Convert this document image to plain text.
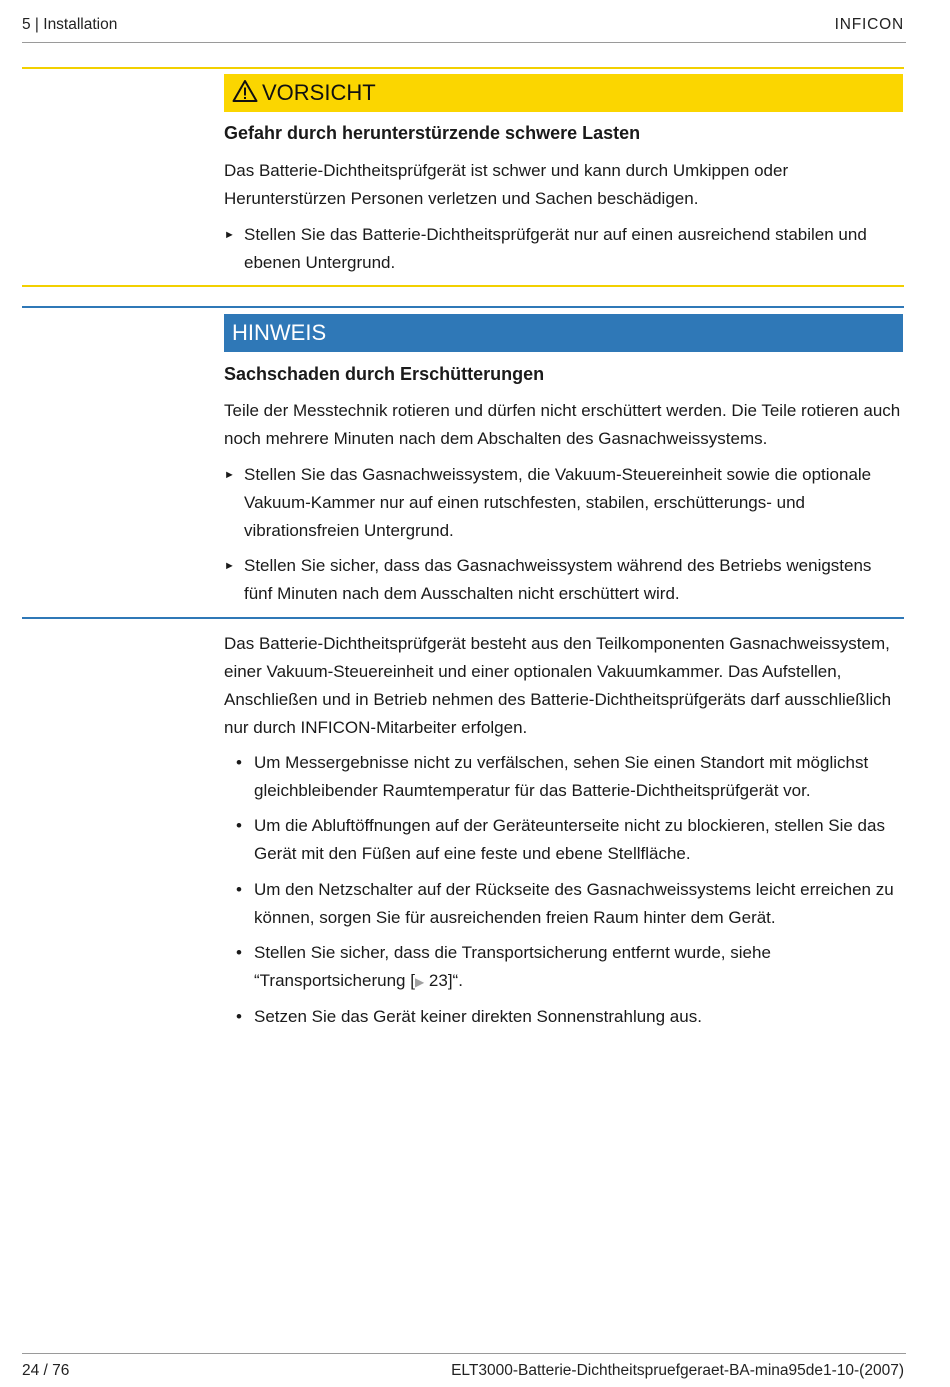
5 | Installation	INFICON
VORSICHT
Gefahr durch herunterstürzende schwere Lasten
Das Batterie-Dichtheitsprüfgerät ist schwer und kann durch Umkippen oder Herunterstürzen Personen verletzen und Sachen beschädigen.
► Stellen Sie das Batterie-Dichtheitsprüfgerät nur auf einen ausreichend stabilen und ebenen Untergrund.
HINWEIS
Sachschaden durch Erschütterungen
Teile der Messtechnik rotieren und dürfen nicht erschüttert werden. Die Teile rotieren auch noch mehrere Minuten nach dem Abschalten des Gasnachweissystems.
► Stellen Sie das Gasnachweissystem, die Vakuum-Steuereinheit sowie die optionale Vakuum-Kammer nur auf einen rutschfesten, stabilen, erschütterungs- und vibrationsfreien Untergrund.
► Stellen Sie sicher, dass das Gasnachweissystem während des Betriebs wenigstens fünf Minuten nach dem Ausschalten nicht erschüttert wird.
Das Batterie-Dichtheitsprüfgerät besteht aus den Teilkomponenten Gasnachweissystem, einer Vakuum-Steuereinheit und einer optionalen Vakuumkammer. Das Aufstellen, Anschließen und in Betrieb nehmen des Batterie-Dichtheitsprüfgeräts darf ausschließlich nur durch INFICON-Mitarbeiter erfolgen.
• Um Messergebnisse nicht zu verfälschen, sehen Sie einen Standort mit möglichst gleichbleibender Raumtemperatur für das Batterie-Dichtheitsprüfgerät vor.
• Um die Abluftöffnungen auf der Geräteunterseite nicht zu blockieren, stellen Sie das Gerät mit den Füßen auf eine feste und ebene Stellfläche.
• Um den Netzschalter auf der Rückseite des Gasnachweissystems leicht erreichen zu können, sorgen Sie für ausreichenden freien Raum hinter dem Gerät.
• Stellen Sie sicher, dass die Transportsicherung entfernt wurde, siehe “Transportsicherung [▶ 23]“.
• Setzen Sie das Gerät keiner direkten Sonnenstrahlung aus.
24 / 76	ELT3000-Batterie-Dichtheitspruefgeraet-BA-mina95de1-10-(2007)
